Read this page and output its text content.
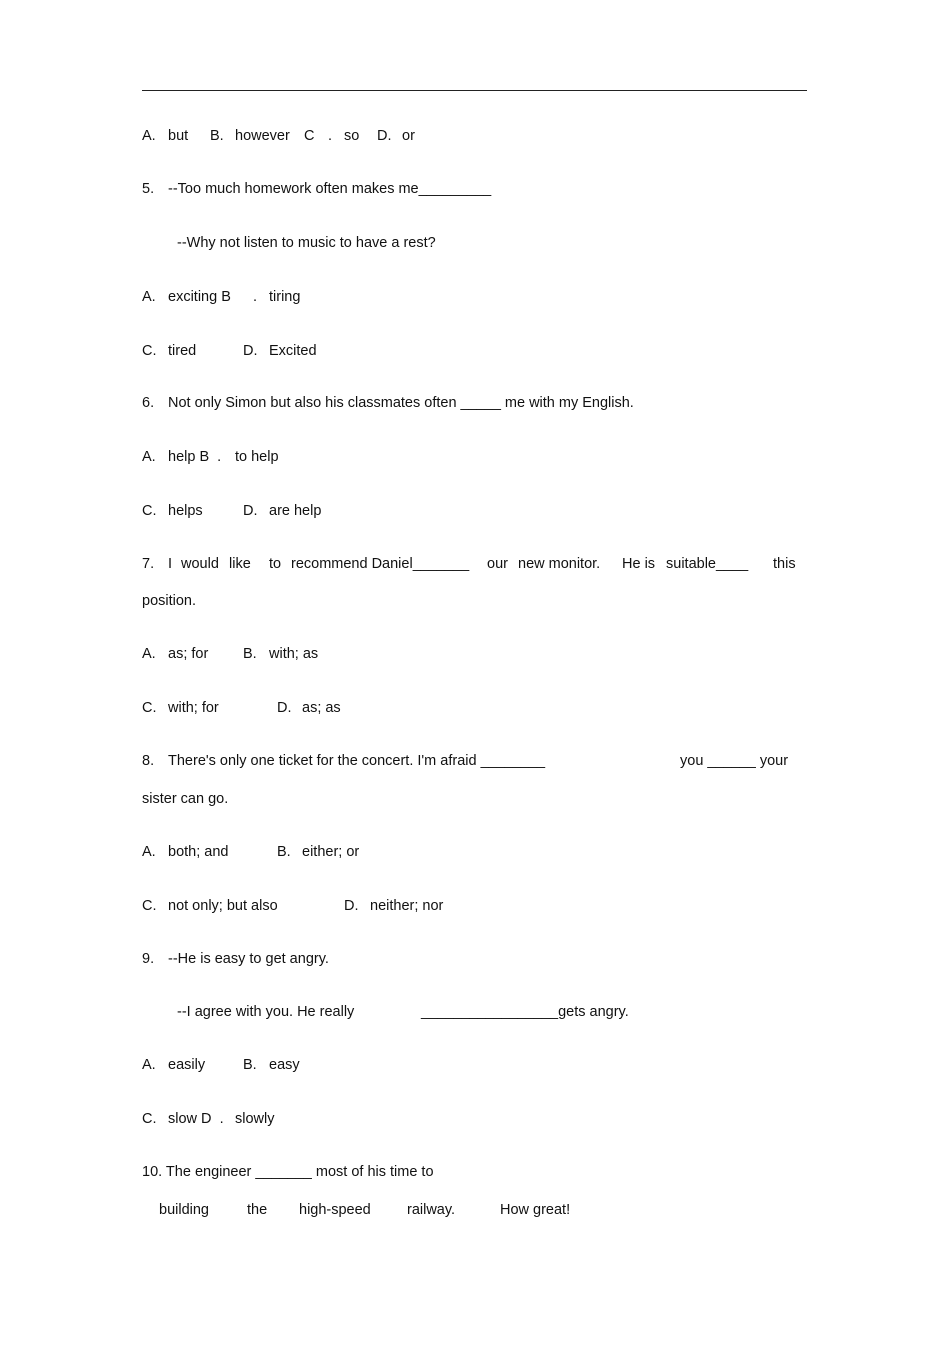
A. but B. however C . so D. or
5. --Too much homework often makes me_________
--Why not listen to music to have a rest?
A. exciting B . tiring
C. tired	D. Excited
6. Not only Simon but also his classmates often _____ me with my English.
A. help B  . to help
C. helps	D. are help
7. I would like to recommend Daniel_______ our new monitor. He is suitable____ this
position.
A. as; for B. with; as
C. with; for	D. as; as
8. There's only one ticket for the concert. I'm afraid ________	you ______ your
sister can go.
A. both; and	B. either; or
C. not only; but also	D. neither; nor
9. --He is easy to get angry.
--I agree with you. He really	_________________gets angry.
A. easily	B. easy
C. slow D  . slowly
10. The engineer _______ most of his time to
building	the high-speed	railway.	How great!
